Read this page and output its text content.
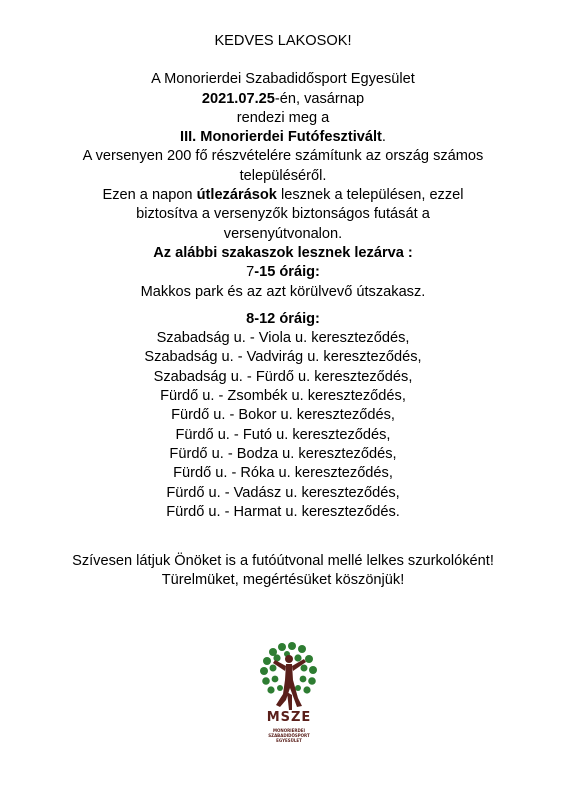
KEDVES LAKOSOK!

A Monorierdei Szabadidősport Egyesület

2021.07.25-én, vasárnap

rendezi meg a

III. Monorierdei Futófesztivált.

A versenyen 200 fő részvételére számítunk az ország számos

településéről.

Ezen a napon útlezárások lesznek a településen, ezzel

biztosítva a versenyzők biztonságos futását a

versenyútvonalon.

Az alábbi szakaszok lesznek lezárva :

7-15 óráig:

Makkos park és az azt körülvevő útszakasz.

8-12 óráig:

Szabadság u. - Viola u. kereszteződés,

Szabadság u. - Vadvirág u. kereszteződés,

Szabadság u. - Fürdő u. kereszteződés,

Fürdő u. - Zsombék u. kereszteződés,

Fürdő u. - Bokor u. kereszteződés,

Fürdő u. - Futó u. kereszteződés,

Fürdő u. - Bodza u. kereszteződés,

Fürdő u. - Róka u. kereszteződés,

Fürdő u. - Vadász u. kereszteződés,

Fürdő u. - Harmat u. kereszteződés.

Szívesen látjuk Önöket is a futóútvonal mellé lelkes szurkolóként!

Türelmüket, megértésüket köszönjük!

MSZE
MONORIERDEI
SZABADIDŐSPORT
EGYESÜLET
